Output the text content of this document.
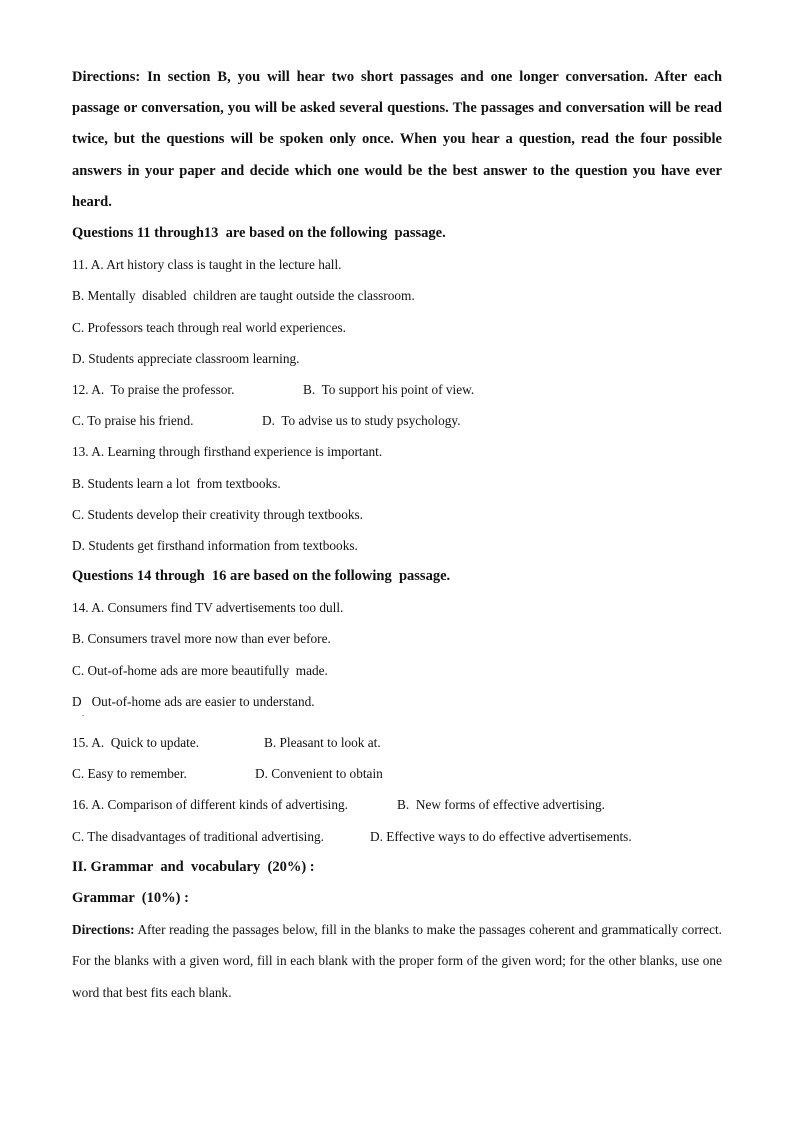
Directions: In section B, you will hear two short passages and one longer conversation. After each passage or conversation, you will be asked several questions. The passages and conversation will be read twice, but the questions will be spoken only once. When you hear a question, read the four possible answers in your paper and decide which one would be the best answer to the question you have ever heard.
Questions 11 through13  are based on the following  passage.
11. A. Art history class is taught in the lecture hall.
B. Mentally  disabled  children are taught outside the classroom.
C. Professors teach through real world experiences.
D. Students appreciate classroom learning.
12. A.  To praise the professor.	B.  To support his point of view.
C. To praise his friend.	D.  To advise us to study psychology.
13. A. Learning through firsthand experience is important.
B. Students learn a lot  from textbooks.
C. Students develop their creativity through textbooks.
D. Students get firsthand information from textbooks.
Questions 14 through  16 are based on the following  passage.
14. A. Consumers find TV advertisements too dull.
B. Consumers travel more now than ever before.
C. Out-of-home ads are more beautifully  made.
D   Out-of-home ads are easier to understand.
.
15. A.  Quick to update.	B. Pleasant to look at.
C. Easy to remember.	D. Convenient to obtain
16. A. Comparison of different kinds of advertising.	B.  New forms of effective advertising.
C. The disadvantages of traditional advertising.	D. Effective ways to do effective advertisements.
II. Grammar  and  vocabulary  (20%) :
Grammar  (10%) :
Directions: After reading the passages below, fill in the blanks to make the passages coherent and grammatically correct. For the blanks with a given word, fill in each blank with the proper form of the given word; for the other blanks, use one word that best fits each blank.
